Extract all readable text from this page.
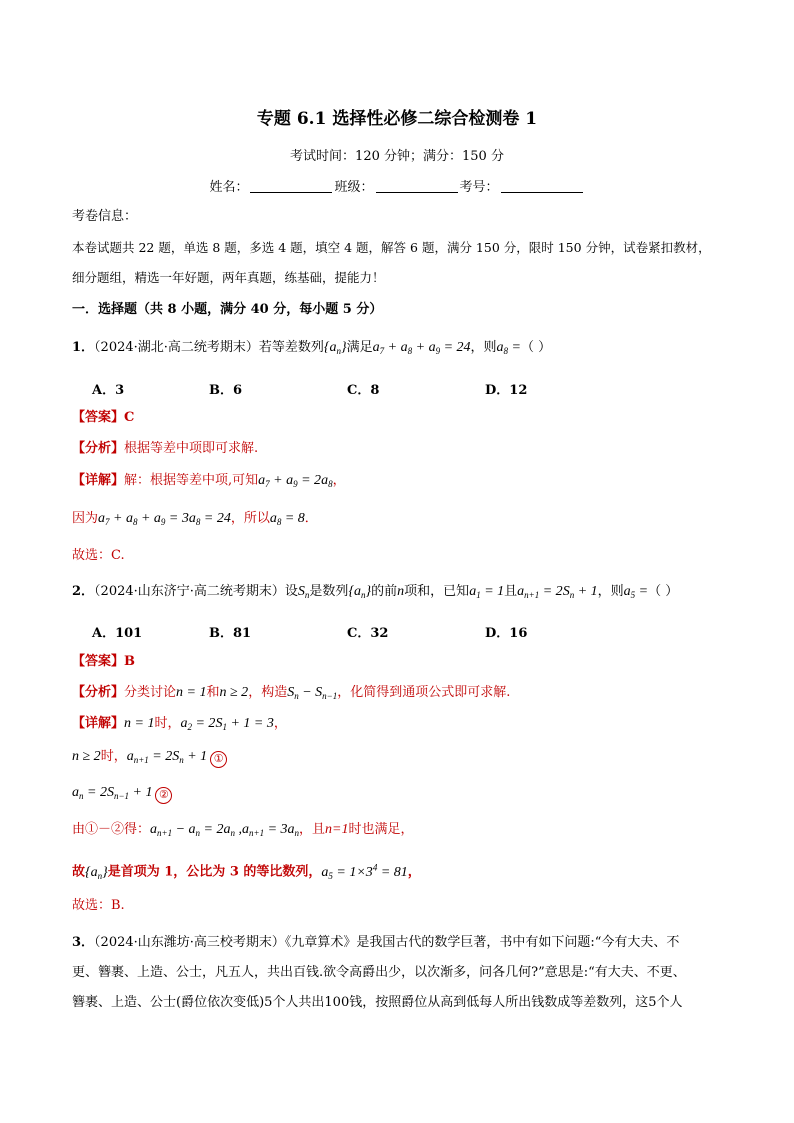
专题 6.1 选择性必修二综合检测卷 1
考试时间：120 分钟；满分：150 分
姓名：	班级：	考号：
考卷信息：
本卷试题共 22 题，单选 8 题，多选 4 题，填空 4 题，解答 6 题，满分 150 分，限时 150 分钟，试卷紧扣教材，
细分题组，精选一年好题，两年真题，练基础，提能力！
一．选择题（共 8 小题，满分 40 分，每小题 5 分）
1．（2024·湖北·高二统考期末）若等差数列$\{a_n\}$满足$a_7 + a_8 + a_9 = 24$，则$a_8$ =（ ）
A．3	B．6	C．8	D．12
【答案】C
【分析】根据等差中项即可求解.
【详解】解：根据等差中项,可知$a_7 + a_9 = 2a_8$，
因为$a_7 + a_8 + a_9 = 3a_8 = 24$，所以$a_8 = 8$．
故选：C.
2．（2024·山东济宁·高二统考期末）设$S_n$是数列$\{a_n\}$的前n项和，已知$a_1 = 1$且$a_{n+1} = 2S_n + 1$，则$a_5$ =（ ）
A．101	B．81	C．32	D．16
【答案】B
【分析】分类讨论n = 1和n ≥ 2，构造$S_n - S_{n-1}$，化简得到通项公式即可求解.
【详解】n = 1时，$a_2 = 2S_1 + 1 = 3$，
n ≥ 2时，$a_{n+1} = 2S_n + 1$ ①
$a_n = 2S_{n-1} + 1$ ②
由①－②得：$a_{n+1} - a_n = 2a_n$ $,a_{n+1} = 3a_n$，且n=1时也满足，
故$\{a_n\}$是首项为 1，公比为 3 的等比数列，$a_5 = 1\times 3^4 = 81$，
故选：B.
3．（2024·山东潍坊·高三校考期末）《九章算术》是我国古代的数学巨著，书中有如下问题:“今有大夫、不
更、簪裹、上造、公士，凡五人，共出百钱.欲令高爵出少，以次渐多，问各几何?”意思是:“有大夫、不更、
簪裹、上造、公士(爵位依次变低)5个人共出100钱，按照爵位从高到低每人所出钱数成等差数列，这5个人
